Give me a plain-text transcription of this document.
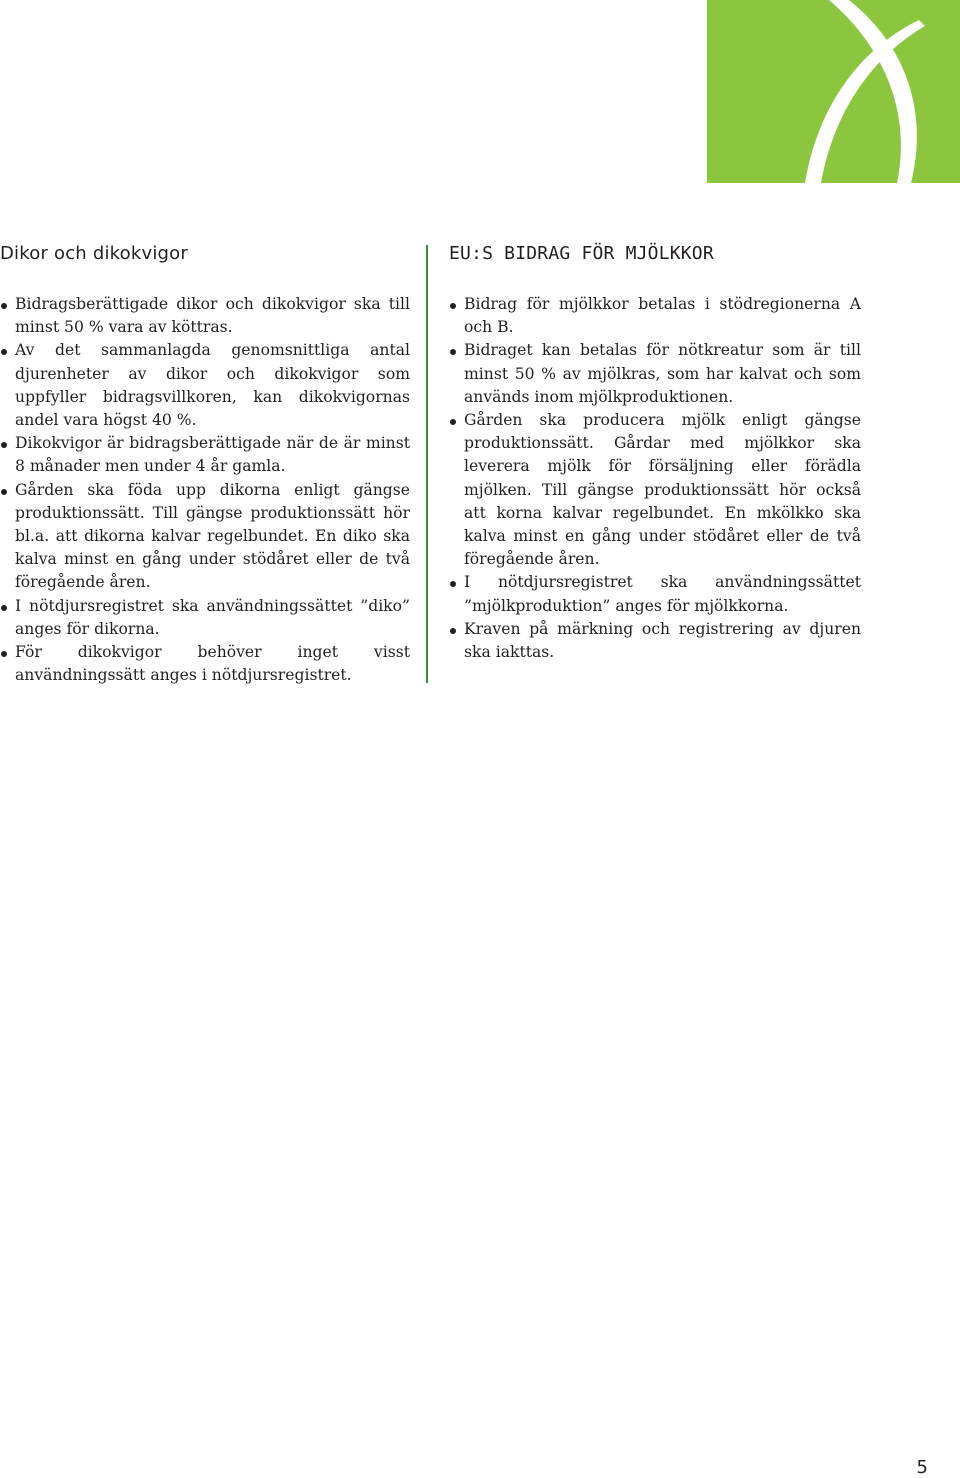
Dikor och dikokvigor
Bidragsberättigade dikor och dikokvigor ska till minst 50 % vara av köttras.
Av det sammanlagda genomsnittliga antal djurenheter av dikor och dikokvigor som uppfyller bidragsvillkoren, kan dikokvigornas andel vara högst 40 %.
Dikokvigor är bidragsberättigade när de är minst 8 månader men under 4 år gamla.
Gården ska föda upp dikorna enligt gängse produktionssätt. Till gängse produktionssätt hör bl.a. att dikorna kalvar regelbundet. En diko ska kalva minst en gång under stödåret eller de två föregående åren.
I nötdjursregistret ska användningssättet ”diko” anges för dikorna.
För dikokvigor behöver inget visst användningssätt anges i nötdjursregistret.
EU:S BIDRAG FÖR MJÖLKKOR
Bidrag för mjölkkor betalas i stödregionerna A och B.
Bidraget kan betalas för nötkreatur som är till minst 50 % av mjölkras, som har kalvat och som används inom mjölkproduktionen.
Gården ska producera mjölk enligt gängse produktionssätt. Gårdar med mjölkkor ska leverera mjölk för försäljning eller förädla mjölken. Till gängse produktionssätt hör också att korna kalvar regelbundet. En mkölkko ska kalva minst en gång under stödåret eller de två föregående åren.
I nötdjursregistret ska användningssättet ”mjölkproduktion” anges för mjölkkorna.
Kraven på märkning och registrering av djuren ska iakttas.
5
